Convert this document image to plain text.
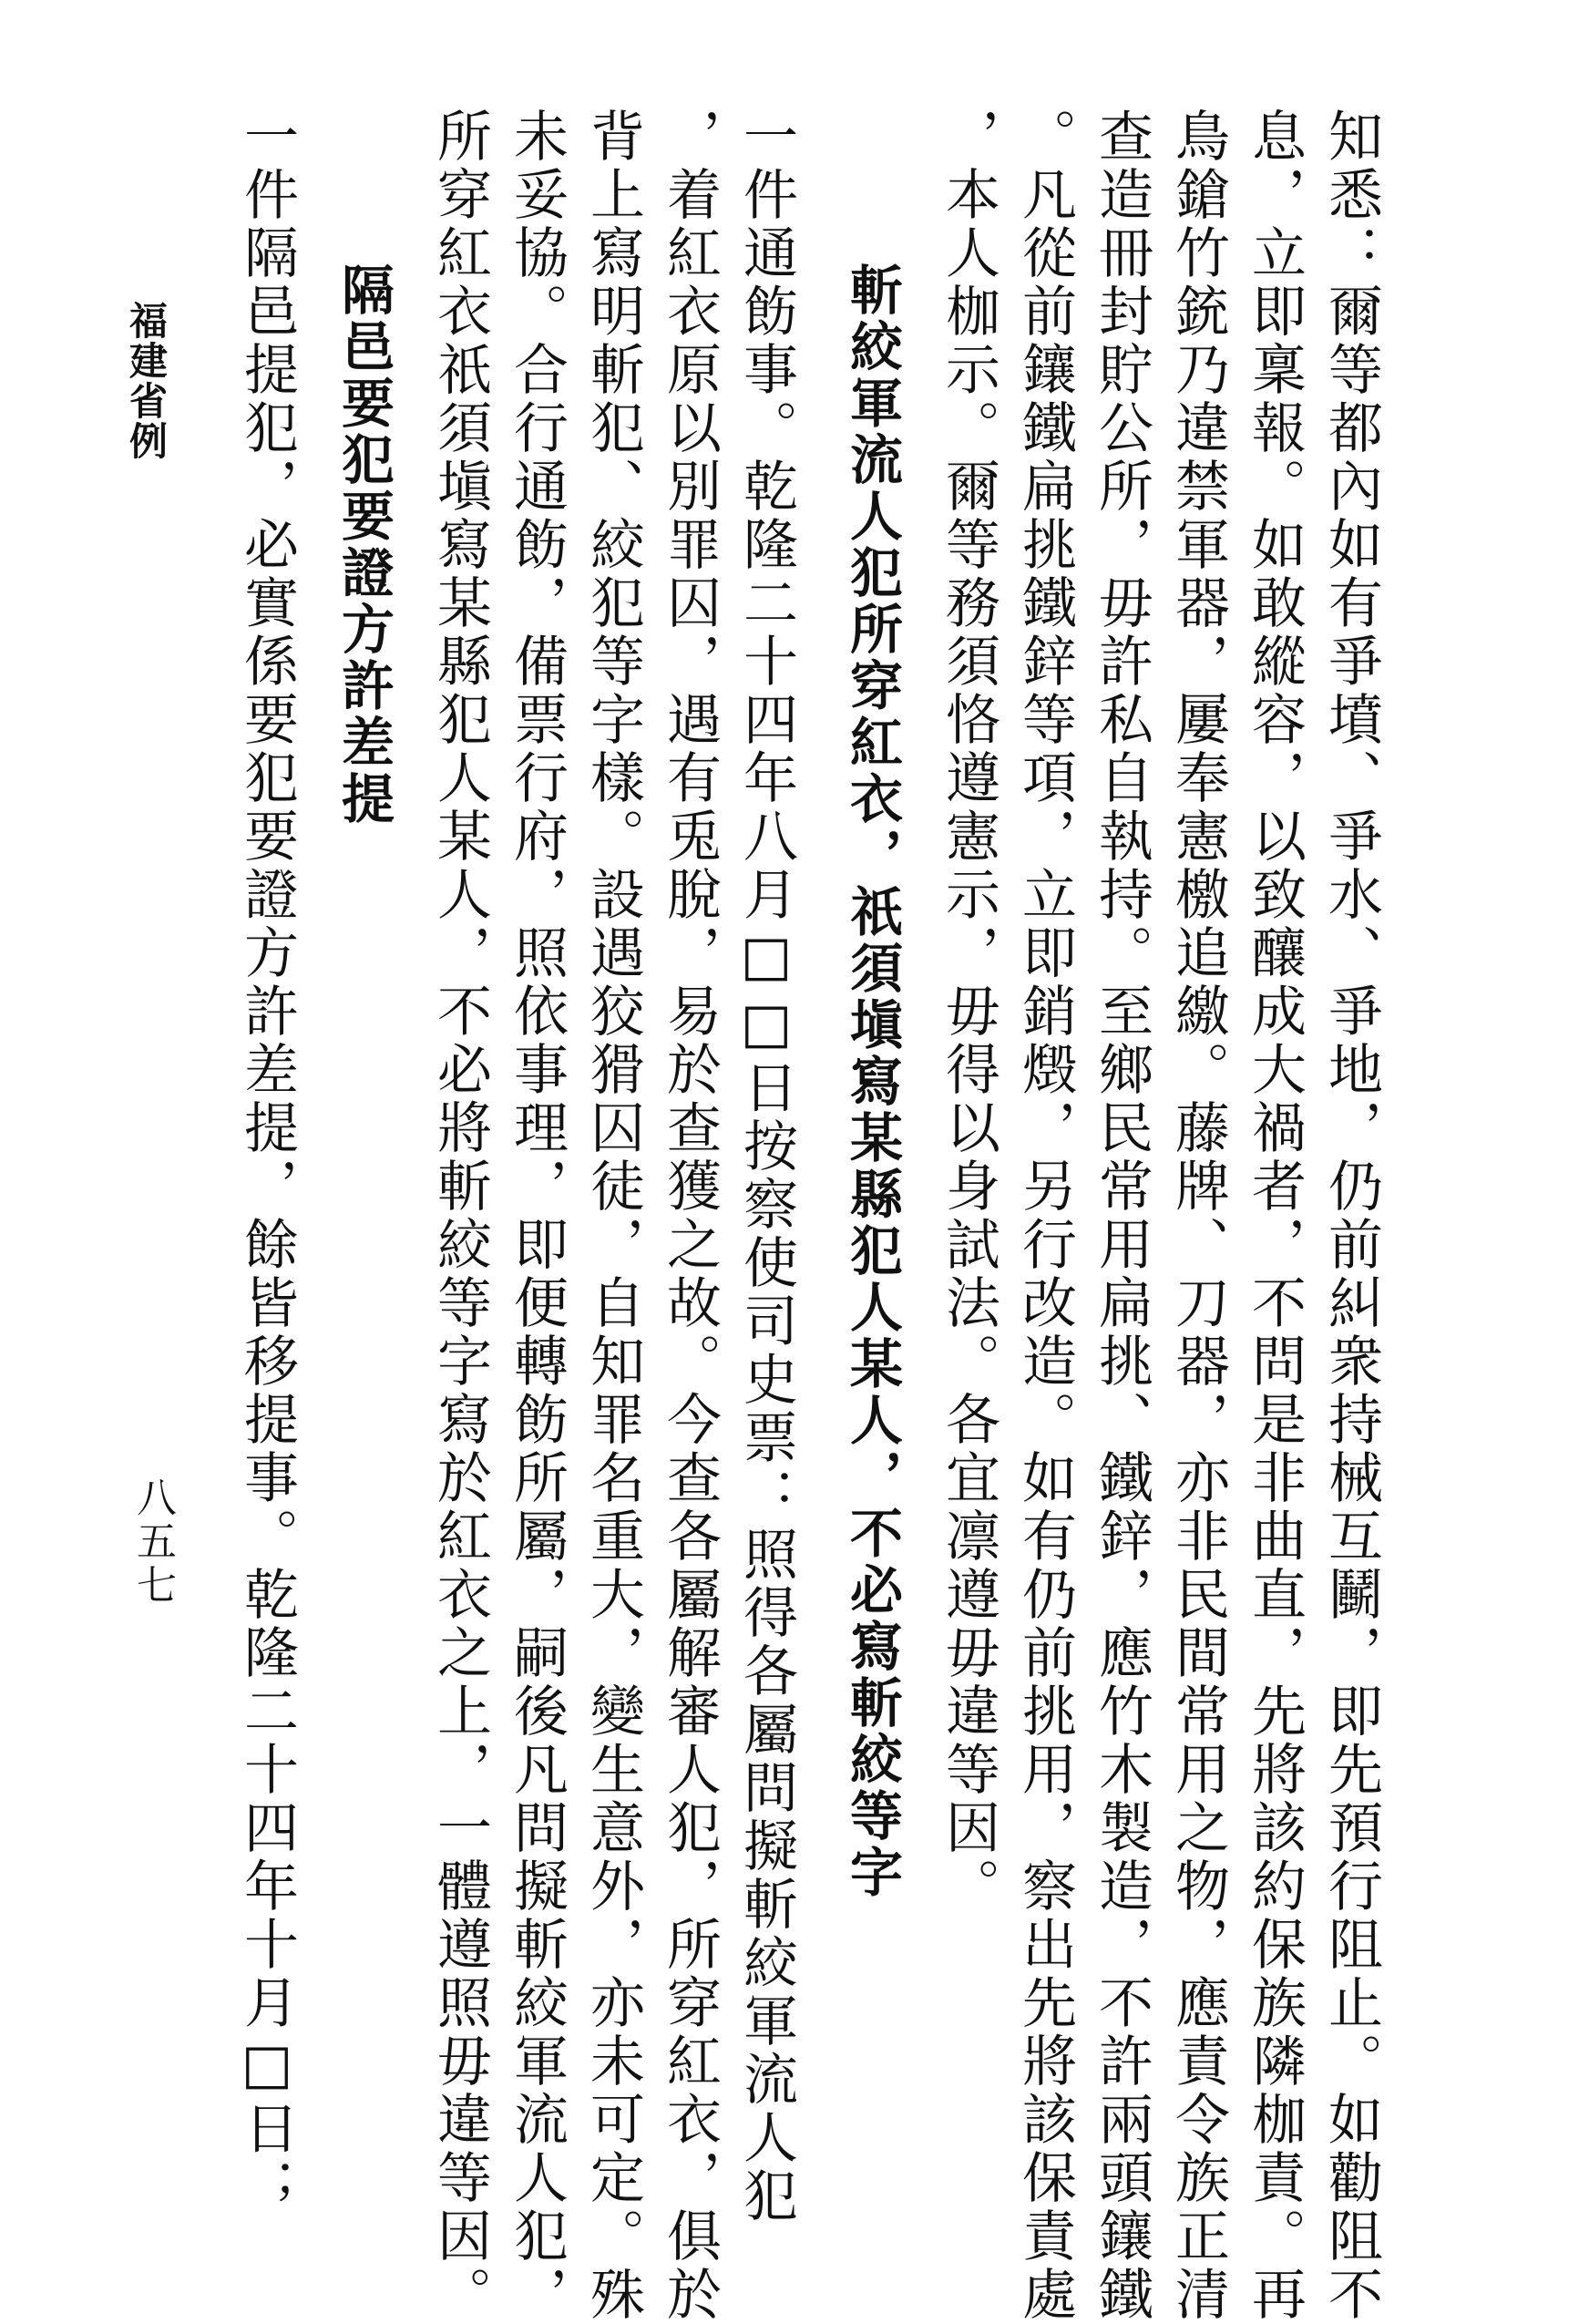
知悉：爾等都內如有爭墳、爭水、爭地，仍前糾衆持械互鬭，即先預行阻止。如勸阻不
息，立即稟報。如敢縱容，以致釀成大禍者，不問是非曲直，先將該約保族隣枷責。再
鳥鎗竹銃乃違禁軍器，屢奉憲檄追繳。藤牌、刀器，亦非民間常用之物，應責令族正清
查造冊封貯公所，毋許私自執持。至鄉民常用扁挑、鐵鋅，應竹木製造，不許兩頭鑲鐵
。凡從前鑲鐵扁挑鐵鋅等項，立即銷燬，另行改造。如有仍前挑用，察出先將該保責處
，本人枷示。爾等務須恪遵憲示，毋得以身試法。各宜凛遵毋違等因。
斬絞軍流人犯所穿紅衣，祇須塡寫某縣犯人某人，不必寫斬絞等字
一件通飭事。乾隆二十四年八月□□日按察使司史票：照得各屬問擬斬絞軍流人犯
，着紅衣原以別罪囚，遇有兎脫，易於查獲之故。今查各屬解審人犯，所穿紅衣，俱於
背上寫明斬犯、絞犯等字樣。設遇狡猾囚徒，自知罪名重大，變生意外，亦未可定。殊
未妥協。合行通飭，備票行府，照依事理，即便轉飭所屬，嗣後凡問擬斬絞軍流人犯，
所穿紅衣祇須塡寫某縣犯人某人，不必將斬絞等字寫於紅衣之上，一體遵照毋違等因。
隔邑要犯要證方許差提
一件隔邑提犯，必實係要犯要證方許差提，餘皆移提事。乾隆二十四年十月□日；
福建省例
八五七
